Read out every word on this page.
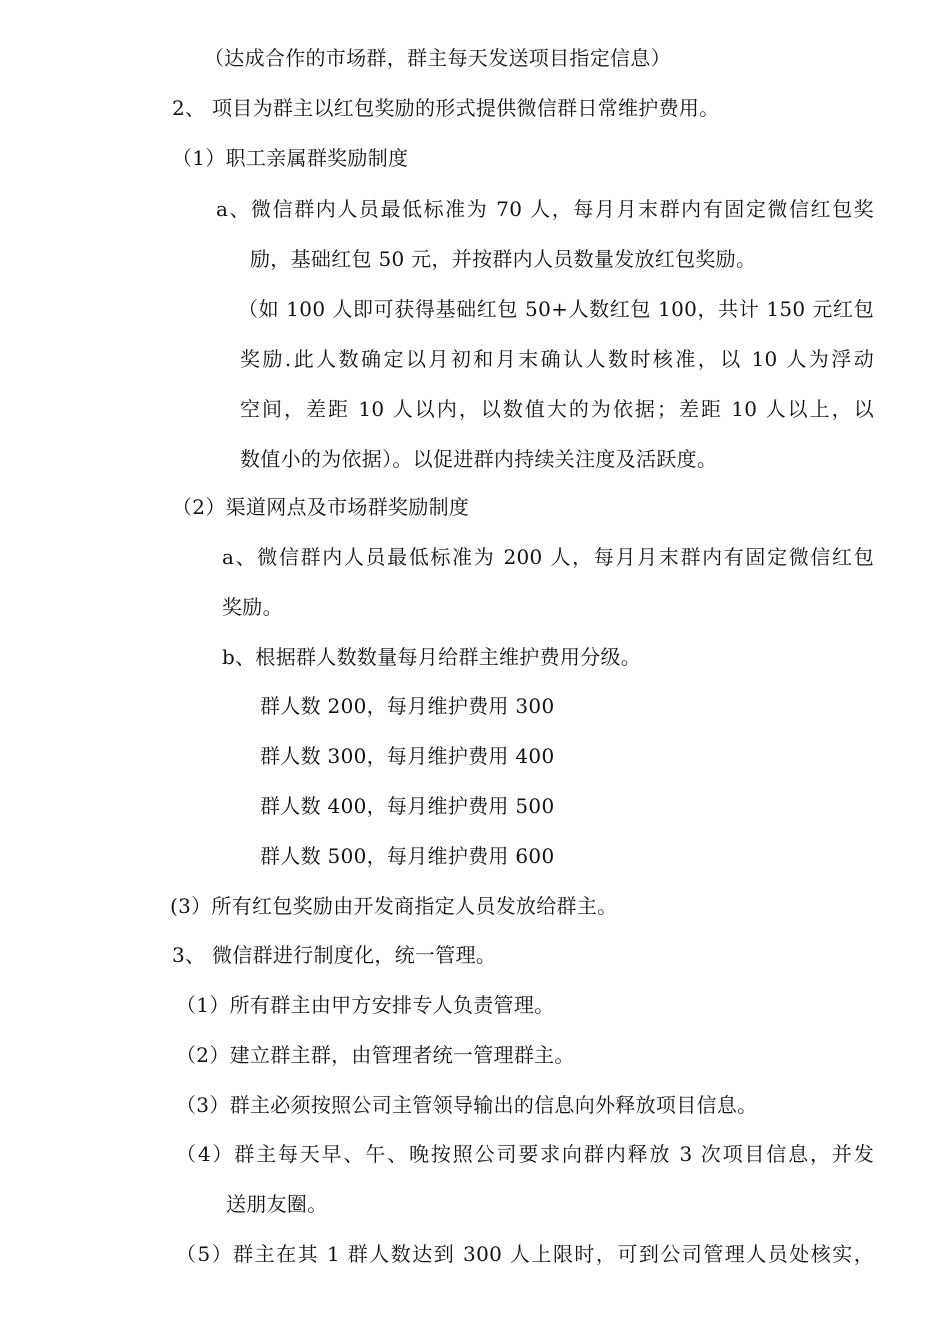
（达成合作的市场群，群主每天发送项目指定信息）
2、 项目为群主以红包奖励的形式提供微信群日常维护费用。
（1）职工亲属群奖励制度
a、微信群内人员最低标准为 70 人，每月月末群内有固定微信红包奖
励，基础红包 50 元，并按群内人员数量发放红包奖励。
（如 100 人即可获得基础红包 50+人数红包 100，共计 150 元红包
奖励.此人数确定以月初和月末确认人数时核准，以 10 人为浮动
空间，差距 10 人以内，以数值大的为依据；差距 10 人以上，以
数值小的为依据）。以促进群内持续关注度及活跃度。
（2）渠道网点及市场群奖励制度
a、微信群内人员最低标准为 200 人，每月月末群内有固定微信红包
奖励。
b、根据群人数数量每月给群主维护费用分级。
群人数 200，每月维护费用 300
群人数 300，每月维护费用 400
群人数 400，每月维护费用 500
群人数 500，每月维护费用 600
(3）所有红包奖励由开发商指定人员发放给群主。
3、 微信群进行制度化，统一管理。
（1）所有群主由甲方安排专人负责管理。
（2）建立群主群，由管理者统一管理群主。
（3）群主必须按照公司主管领导输出的信息向外释放项目信息。
（4）群主每天早、午、晚按照公司要求向群内释放 3 次项目信息，并发
送朋友圈。
（5）群主在其 1 群人数达到 300 人上限时，可到公司管理人员处核实，
